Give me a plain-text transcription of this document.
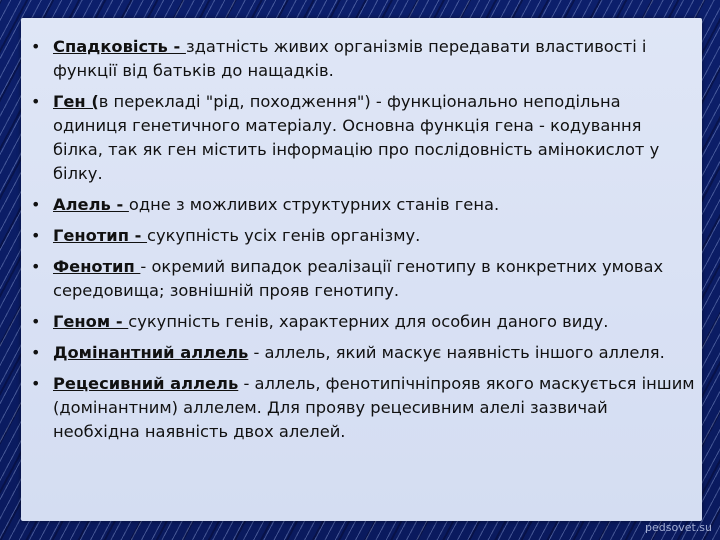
• Спадковість - здатність живих організмів передавати властивості і функції від батьків до нащадків.
• Ген (в перекладі "рід, походження") - функціонально неподільна одиниця генетичного матеріалу. Основна функція гена - кодування білка, так як ген містить інформацію про послідовність амінокислот у білку.
• Алель - одне з можливих структурних станів гена.
• Генотип - сукупність усіх генів організму.
• Фенотип - окремий випадок реалізації генотипу в конкретних умовах середовища; зовнішній прояв генотипу.
• Геном - сукупність генів, характерних для особин даного виду.
• Домінантний аллель - аллель, який маскує наявність іншого аллеля.
• Рецесивний аллель - аллель, фенотипічніпрояв якого маскується іншим (домінантним) аллелем. Для прояву рецесивним алелі зазвичай необхідна наявність двох алелей.
pedsovet.su
